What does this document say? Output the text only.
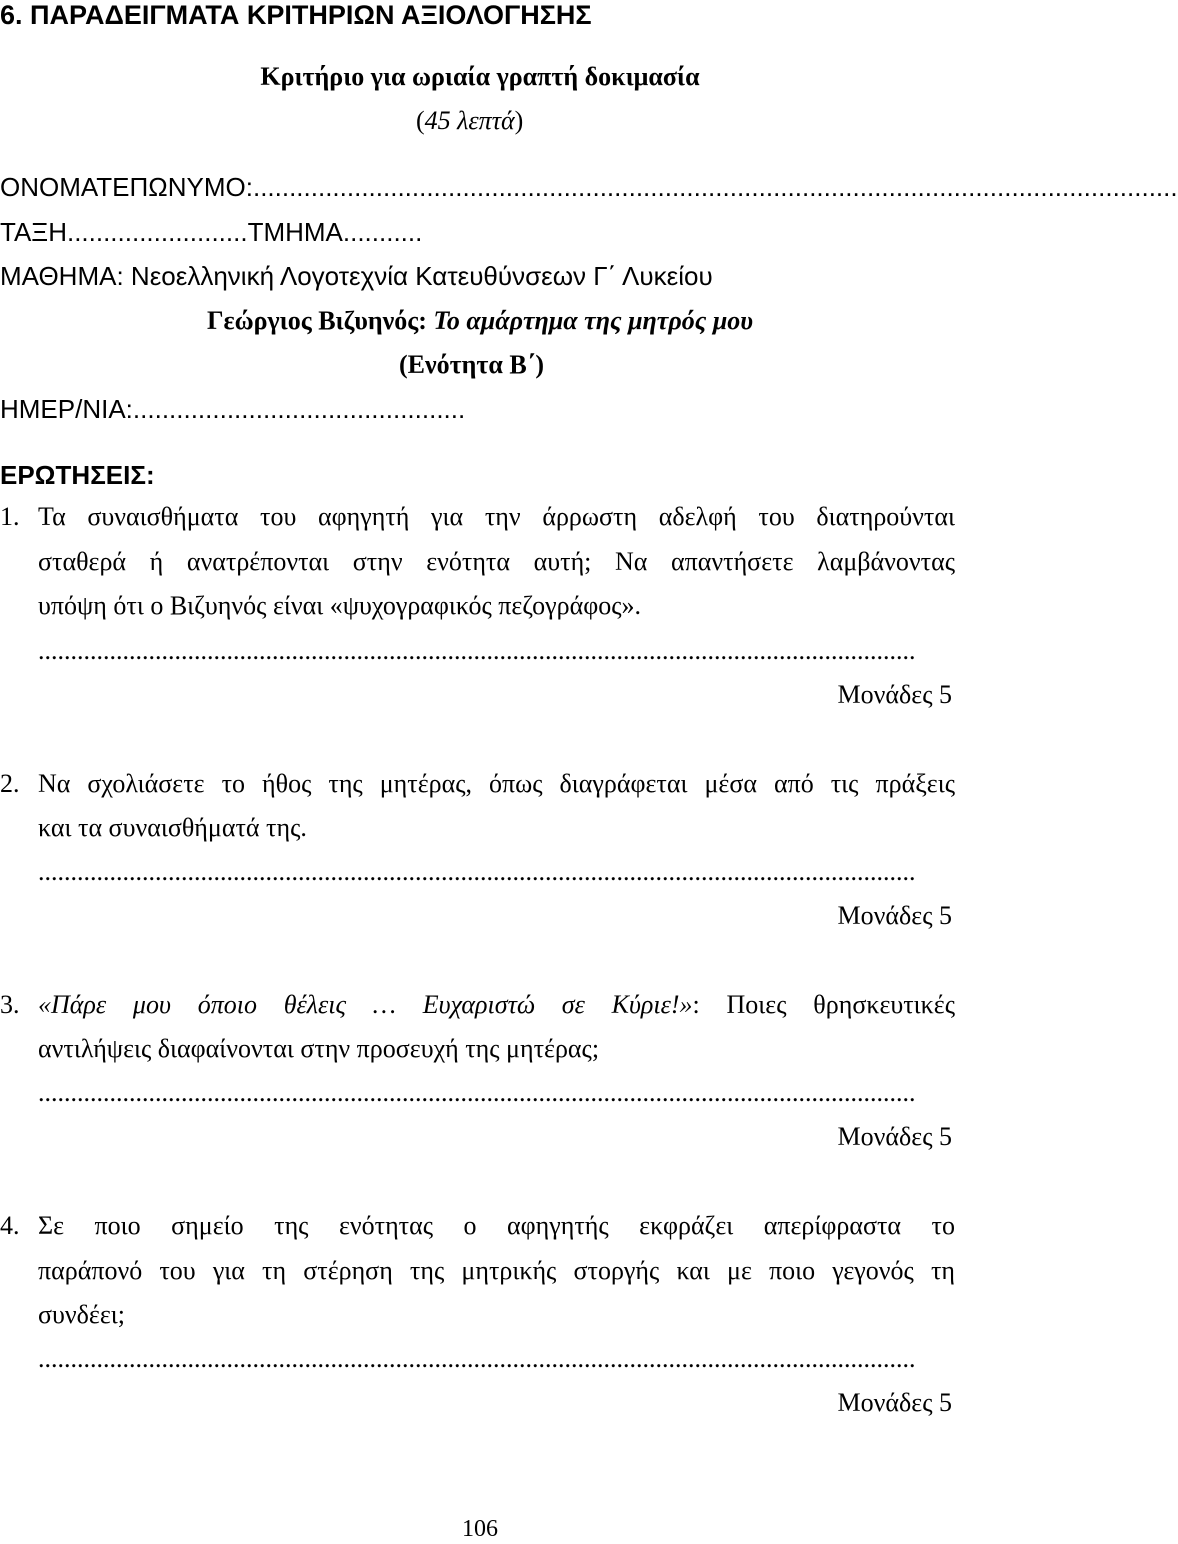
6. ΠΑΡΑΔΕΙΓΜΑΤΑ ΚΡΙΤΗΡΙΩΝ ΑΞΙΟΛΟΓΗΣΗΣ
Κριτήριο για ωριαία γραπτή δοκιμασία
(45 λεπτά)
ΟΝΟΜΑΤΕΠΩΝΥΜΟ:................................................................................................................................
ΤΑΞΗ.........................ΤΜΗΜΑ...........
ΜΑΘΗΜΑ: Νεοελληνική Λογοτεχνία Κατευθύνσεων Γ΄ Λυκείου
Γεώργιος Βιζυηνός: Το αμάρτημα της μητρός μου
(Ενότητα Β΄)
ΗΜΕΡ/ΝΙΑ:..............................................
ΕΡΩΤΗΣΕΙΣ:
1. Τα συναισθήματα του αφηγητή για την άρρωστη αδελφή του διατηρούνται
σταθερά ή ανατρέπονται στην ενότητα αυτή; Να απαντήσετε λαμβάνοντας
υπόψη ότι ο Βιζυηνός είναι «ψυχογραφικός πεζογράφος».
.......................................................................................................................................
Μονάδες 5
2. Να σχολιάσετε το ήθος της μητέρας, όπως διαγράφεται μέσα από τις πράξεις
και τα συναισθήματά της.
.......................................................................................................................................
Μονάδες 5
3. «Πάρε μου όποιο θέλεις … Ευχαριστώ σε Κύριε!»: Ποιες θρησκευτικές
αντιλήψεις διαφαίνονται στην προσευχή της μητέρας;
.......................................................................................................................................
Μονάδες 5
4. Σε ποιο σημείο της ενότητας ο αφηγητής εκφράζει απερίφραστα το
παράπονό του για τη στέρηση της μητρικής στοργής και με ποιο γεγονός τη
συνδέει;
.......................................................................................................................................
Μονάδες 5
106
